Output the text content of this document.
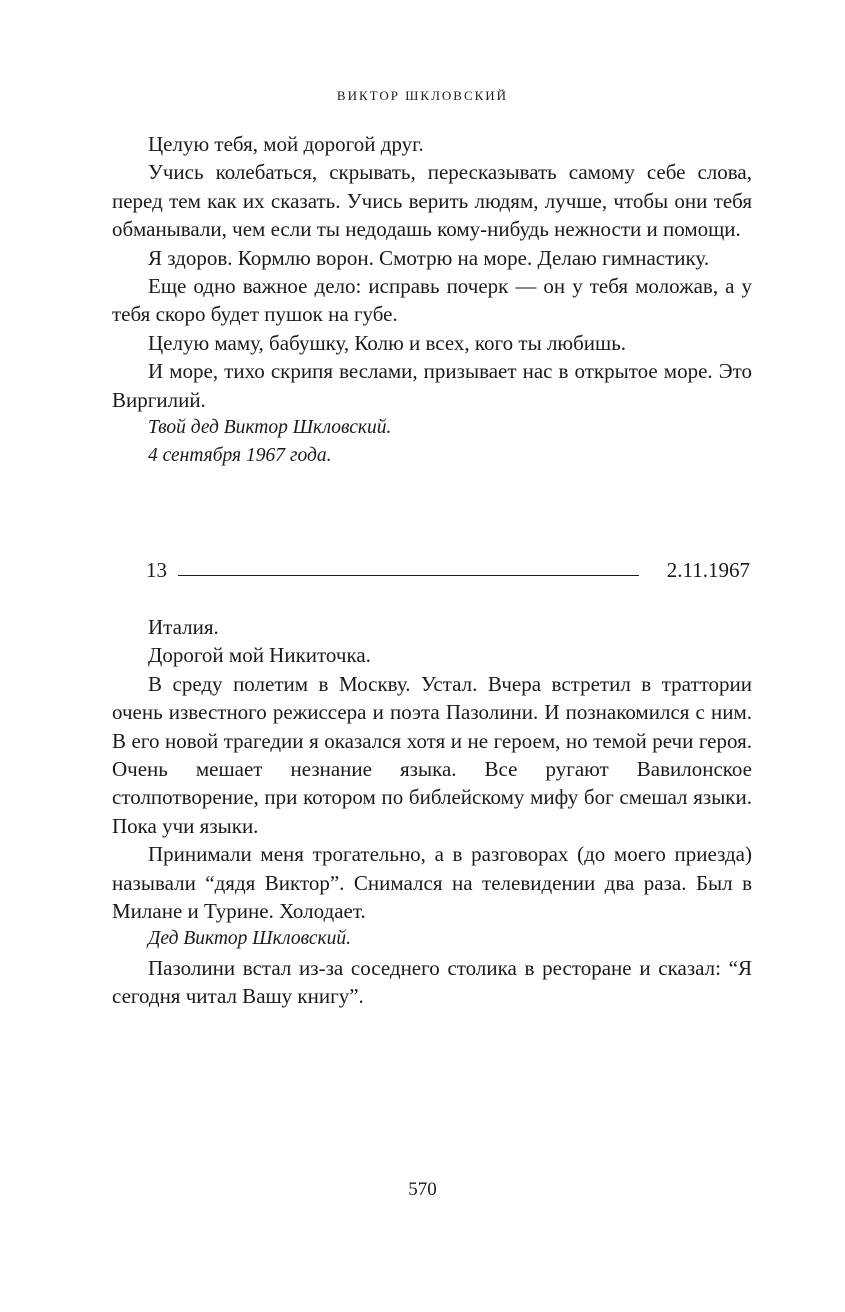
ВИКТОР ШКЛОВСКИЙ

Целую тебя, мой дорогой друг.

Учись колебаться, скрывать, пересказывать самому себе слова, перед тем как их сказать. Учись верить людям, лучше, чтобы они тебя обманывали, чем если ты недодашь кому-нибудь нежности и помощи.

Я здоров. Кормлю ворон. Смотрю на море. Делаю гимнастику.

Еще одно важное дело: исправь почерк — он у тебя моложав, а у тебя скоро будет пушок на губе.

Целую маму, бабушку, Колю и всех, кого ты любишь.

И море, тихо скрипя веслами, призывает нас в открытое море. Это Виргилий.

Твой дед Виктор Шкловский.

4 сентября 1967 года.

13	2.11.1967

Италия.

Дорогой мой Никиточка.

В среду полетим в Москву. Устал. Вчера встретил в траттории очень известного режиссера и поэта Пазолини. И познакомился с ним. В его новой трагедии я оказался хотя и не героем, но темой речи героя. Очень мешает незнание языка. Все ругают Вавилонское столпотворение, при котором по библейскому мифу бог смешал языки. Пока учи языки.

Принимали меня трогательно, а в разговорах (до моего приезда) называли “дядя Виктор”. Снимался на телевидении два раза. Был в Милане и Турине. Холодает.

Дед Виктор Шкловский.

Пазолини встал из-за соседнего столика в ресторане и сказал: “Я сегодня читал Вашу книгу”.

570
